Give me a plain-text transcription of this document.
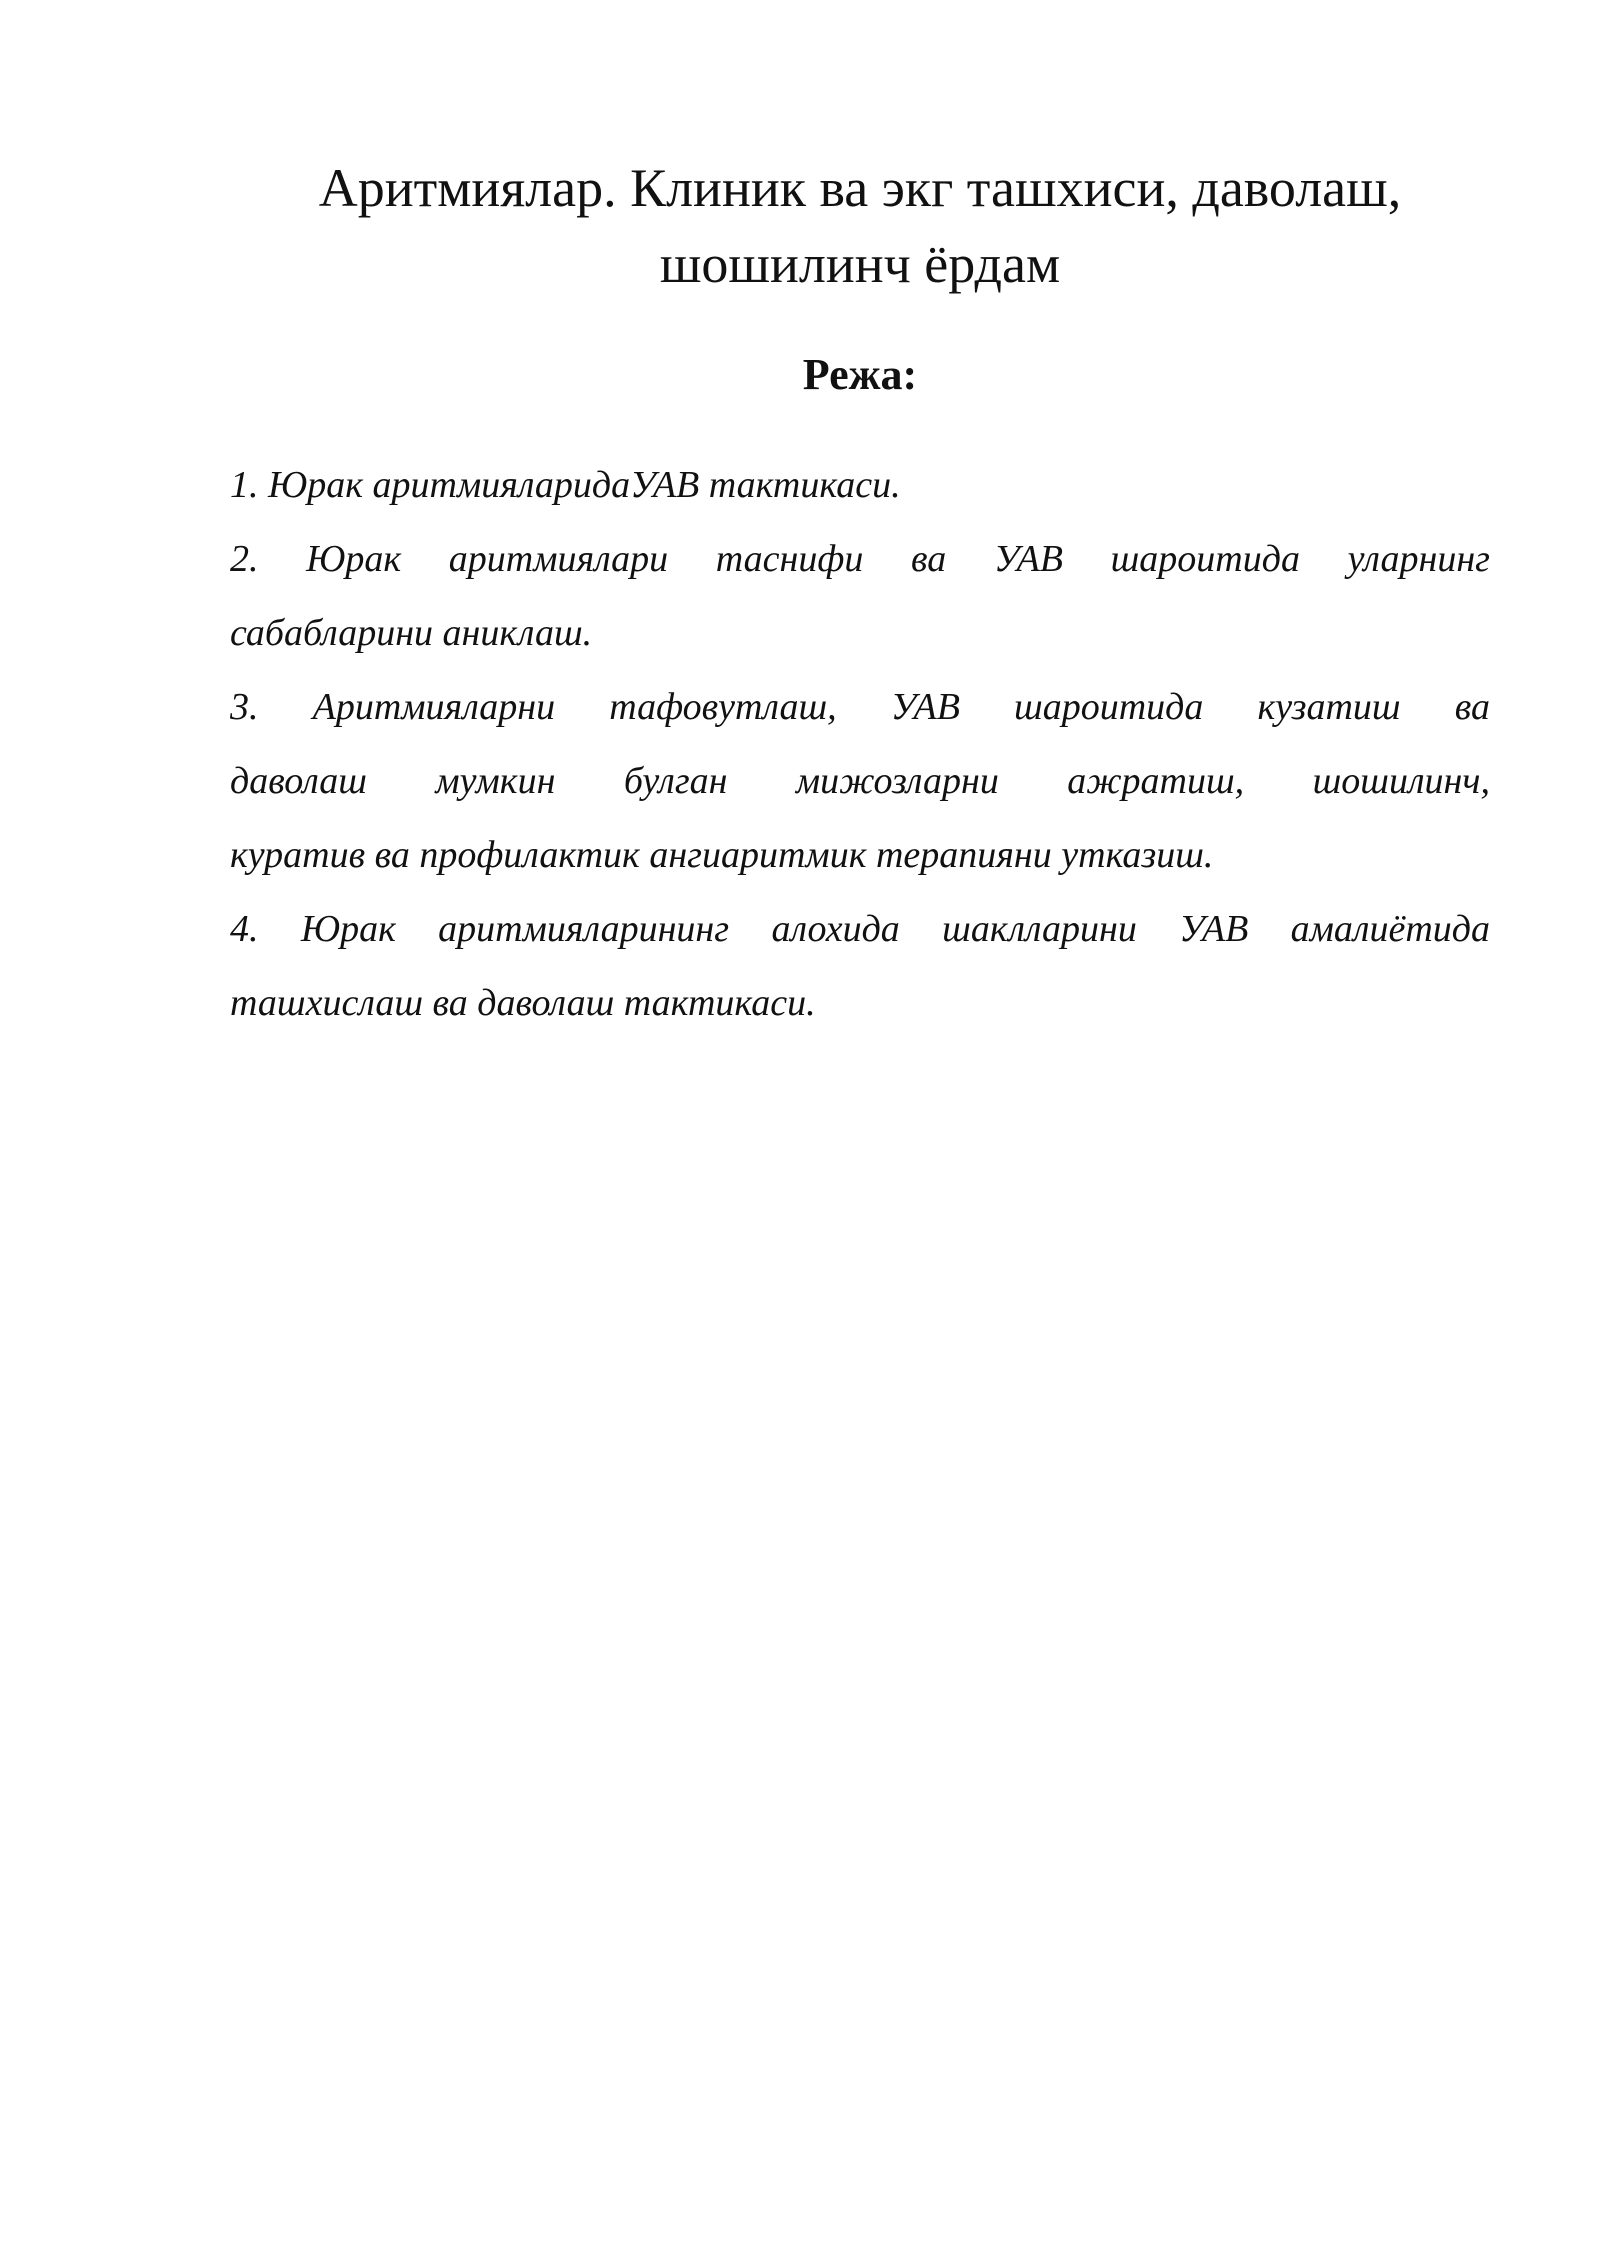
Аритмиялар. Клиник ва экг ташхиси, даволаш,
шошилинч ёрдам
Режа:
1. Юрак аритмияларидаУАВ тактикаси.
2. Юрак аритмиялари таснифи ва УАВ шароитида уларнинг
сабабларини аниклаш.
3. Аритмияларни тафовутлаш, УАВ шароитида кузатиш ва
даволаш мумкин булган мижозларни ажратиш, шошилинч,
куратив ва профилактик ангиаритмик терапияни утказиш.
4. Юрак аритмияларининг алохида шаклларини УАВ амалиётида
ташхислаш ва даволаш тактикаси.
